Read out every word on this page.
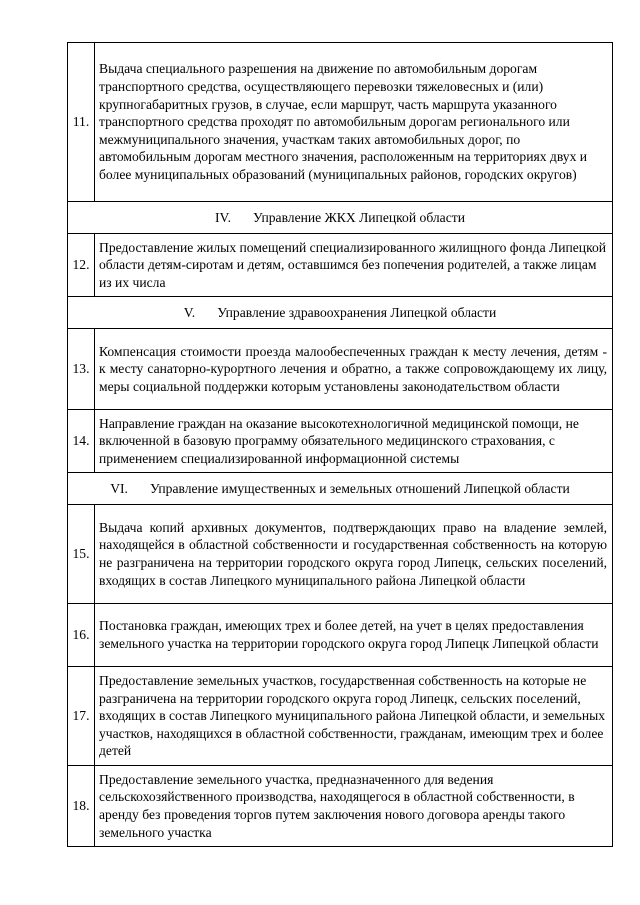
11.	Выдача специального разрешения на движение по автомобильным дорогам транспортного средства, осуществляющего перевозки тяжеловесных и (или) крупногабаритных грузов, в случае, если маршрут, часть маршрута указанного транспортного средства проходят по автомобильным дорогам регионального или межмуниципального значения, участкам таких автомобильных дорог, по автомобильным дорогам местного значения, расположенным на территориях двух и более муниципальных образований (муниципальных районов, городских округов)
IV. Управление ЖКХ Липецкой области	
12.	Предоставление жилых помещений специализированного жилищного фонда Липецкой области детям-сиротам и детям, оставшимся без попечения родителей, а также лицам из их числа
V. Управление здравоохранения Липецкой области	
13.	Компенсация стоимости проезда малообеспеченных граждан к месту лечения, детям - к месту санаторно-курортного лечения и обратно, а также сопровождающему их лицу, меры социальной поддержки которым установлены законодательством области
14.	Направление граждан на оказание высокотехнологичной медицинской помощи, не включенной в базовую программу обязательного медицинского страхования, с применением специализированной информационной системы
VI. Управление имущественных и земельных отношений Липецкой области	
15.	Выдача копий архивных документов, подтверждающих право на владение землей, находящейся в областной собственности и государственная собственность на которую не разграничена на территории городского округа город Липецк, сельских поселений, входящих в состав Липецкого муниципального района Липецкой области
16.	Постановка граждан, имеющих трех и более детей, на учет в целях предоставления земельного участка на территории городского округа город Липецк Липецкой области
17.	Предоставление земельных участков, государственная собственность на которые не разграничена на территории городского округа город Липецк, сельских поселений, входящих в состав Липецкого муниципального района Липецкой области, и земельных участков, находящихся в областной собственности, гражданам, имеющим трех и более детей
18.	Предоставление земельного участка, предназначенного для ведения сельскохозяйственного производства, находящегося в областной собственности, в аренду без проведения торгов путем заключения нового договора аренды такого земельного участка
